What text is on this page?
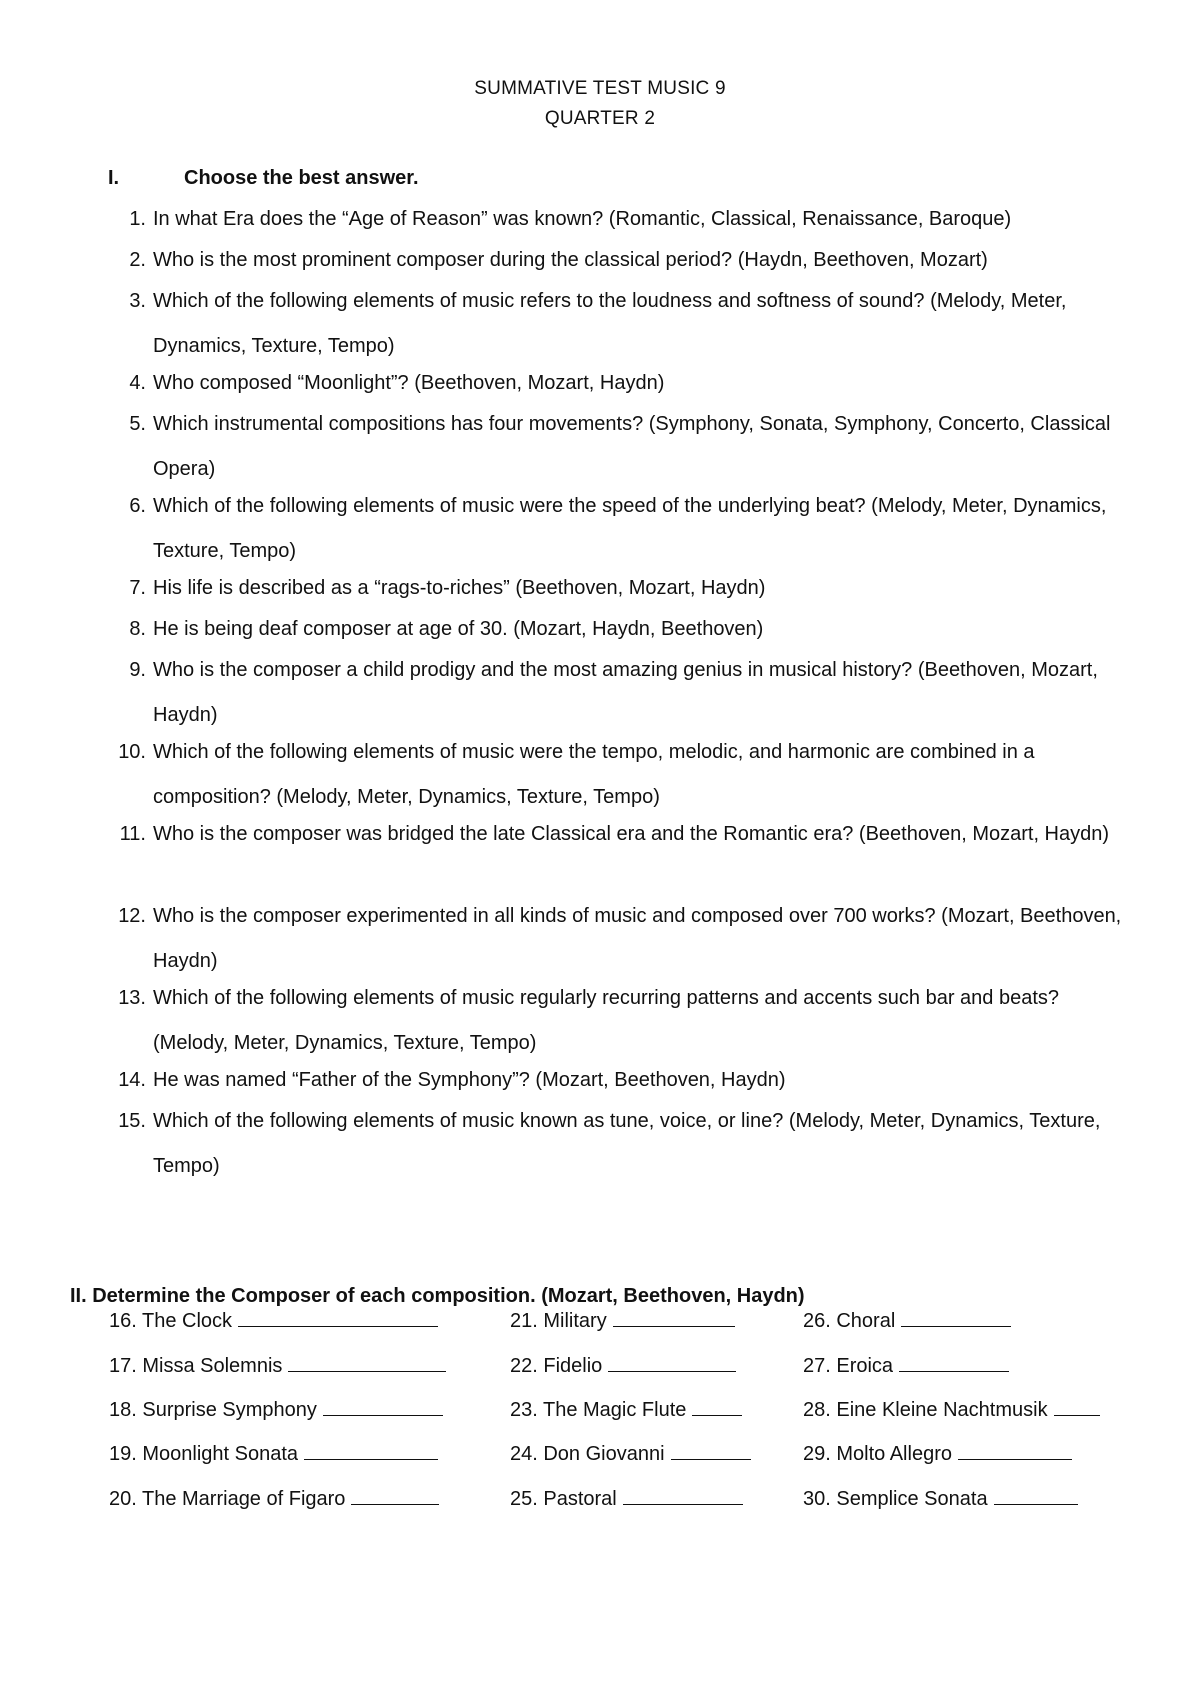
SUMMATIVE TEST MUSIC 9
QUARTER 2
I.	Choose the best answer.
1. In what Era does the “Age of Reason” was known? (Romantic, Classical, Renaissance, Baroque)
2. Who is the most prominent composer during the classical period? (Haydn, Beethoven, Mozart)
3. Which of the following elements of music refers to the loudness and softness of sound? (Melody, Meter, Dynamics, Texture, Tempo)
4. Who composed “Moonlight”? (Beethoven, Mozart, Haydn)
5. Which instrumental compositions has four movements? (Symphony, Sonata, Symphony, Concerto, Classical Opera)
6. Which of the following elements of music were the speed of the underlying beat? (Melody, Meter, Dynamics, Texture, Tempo)
7. His life is described as a “rags-to-riches” (Beethoven, Mozart, Haydn)
8. He is being deaf composer at age of 30. (Mozart, Haydn, Beethoven)
9. Who is the composer a child prodigy and the most amazing genius in musical history? (Beethoven, Mozart, Haydn)
10. Which of the following elements of music were the tempo, melodic, and harmonic are combined in a composition? (Melody, Meter, Dynamics, Texture, Tempo)
11. Who is the composer was bridged the late Classical era and the Romantic era? (Beethoven, Mozart, Haydn)
12. Who is the composer experimented in all kinds of music and composed over 700 works? (Mozart, Beethoven, Haydn)
13. Which of the following elements of music regularly recurring patterns and accents such bar and beats? (Melody, Meter, Dynamics, Texture, Tempo)
14. He was named “Father of the Symphony”? (Mozart, Beethoven, Haydn)
15. Which of the following elements of music known as tune, voice, or line? (Melody, Meter, Dynamics, Texture, Tempo)
II. Determine the Composer of each composition. (Mozart, Beethoven, Haydn)
16. The Clock
17. Missa Solemnis
18. Surprise Symphony
19. Moonlight Sonata
20. The Marriage of Figaro
21. Military
22. Fidelio
23. The Magic Flute
24. Don Giovanni
25. Pastoral
26. Choral
27. Eroica
28. Eine Kleine Nachtmusik
29. Molto Allegro
30. Semplice Sonata
